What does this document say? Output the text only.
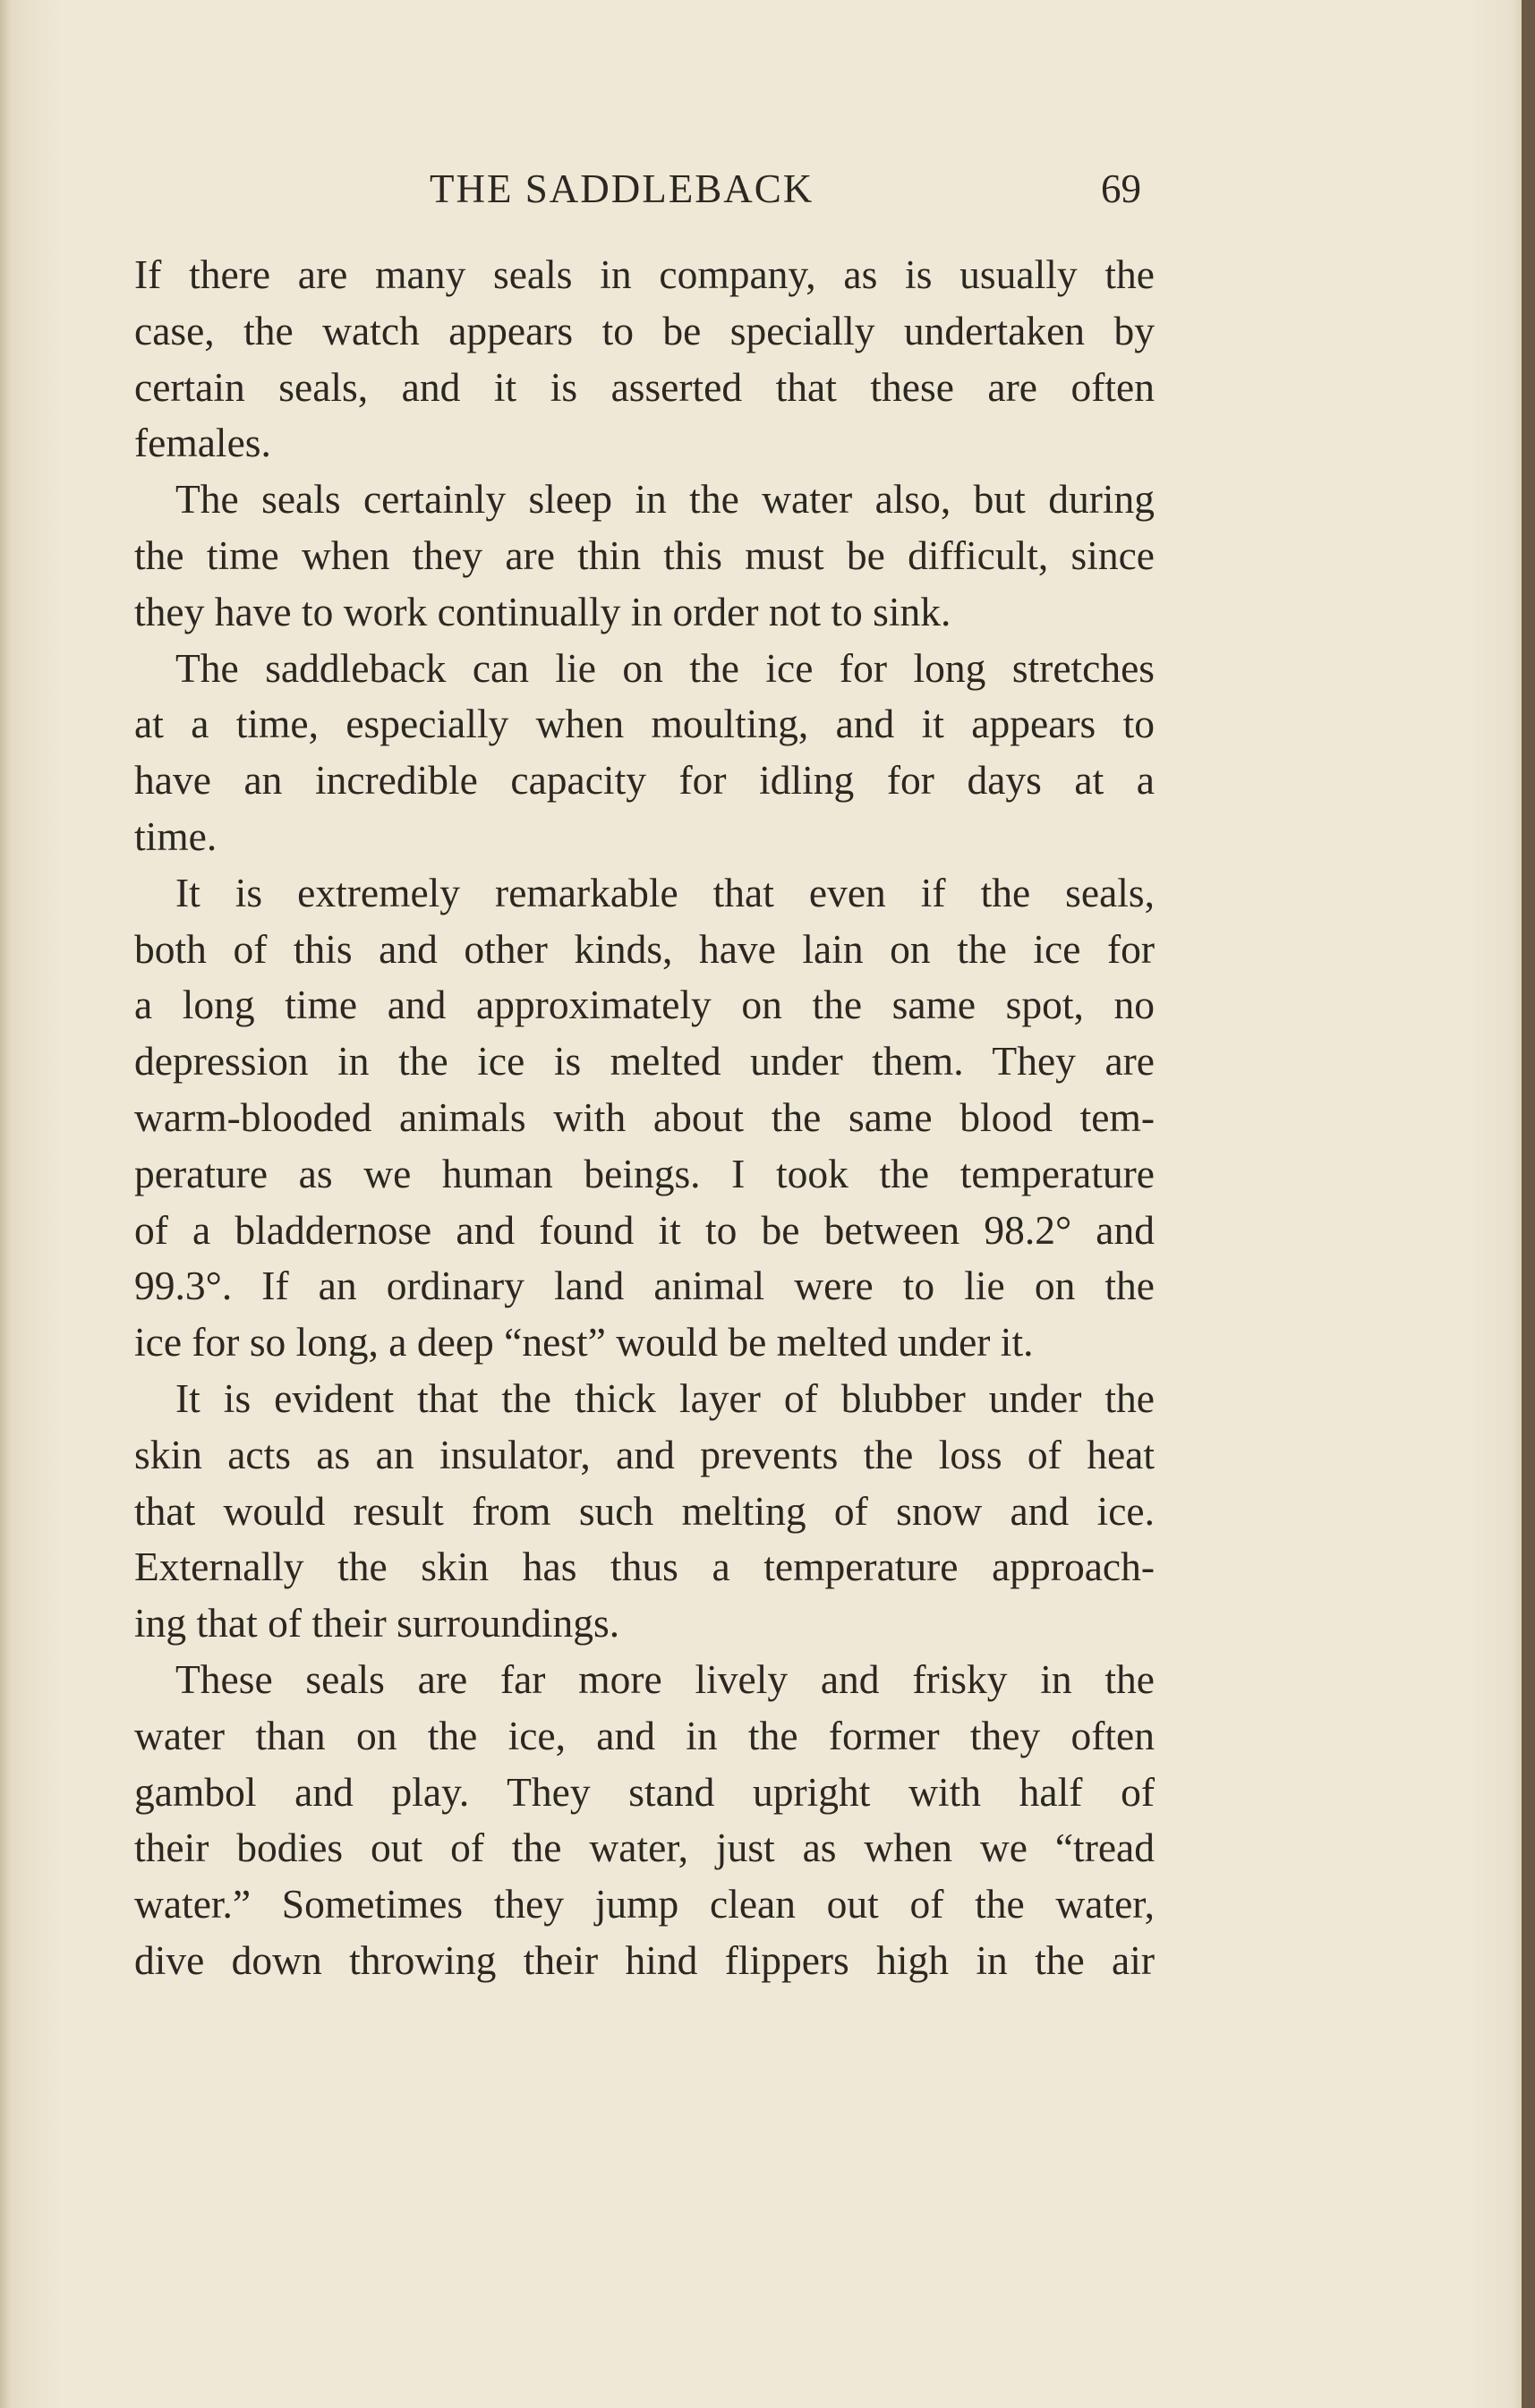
THE SADDLEBACK	69
If there are many seals in company, as is usually the
case, the watch appears to be specially undertaken by
certain seals, and it is asserted that these are often
females.
The seals certainly sleep in the water also, but during
the time when they are thin this must be difficult, since
they have to work continually in order not to sink.
The saddleback can lie on the ice for long stretches
at a time, especially when moulting, and it appears to
have an incredible capacity for idling for days at a
time.
It is extremely remarkable that even if the seals,
both of this and other kinds, have lain on the ice for
a long time and approximately on the same spot, no
depression in the ice is melted under them. They are
warm-blooded animals with about the same blood tem-
perature as we human beings. I took the temperature
of a bladdernose and found it to be between 98.2° and
99.3°. If an ordinary land animal were to lie on the
ice for so long, a deep “nest” would be melted under it.
It is evident that the thick layer of blubber under the
skin acts as an insulator, and prevents the loss of heat
that would result from such melting of snow and ice.
Externally the skin has thus a temperature approach-
ing that of their surroundings.
These seals are far more lively and frisky in the
water than on the ice, and in the former they often
gambol and play. They stand upright with half of
their bodies out of the water, just as when we “tread
water.” Sometimes they jump clean out of the water,
dive down throwing their hind flippers high in the air
